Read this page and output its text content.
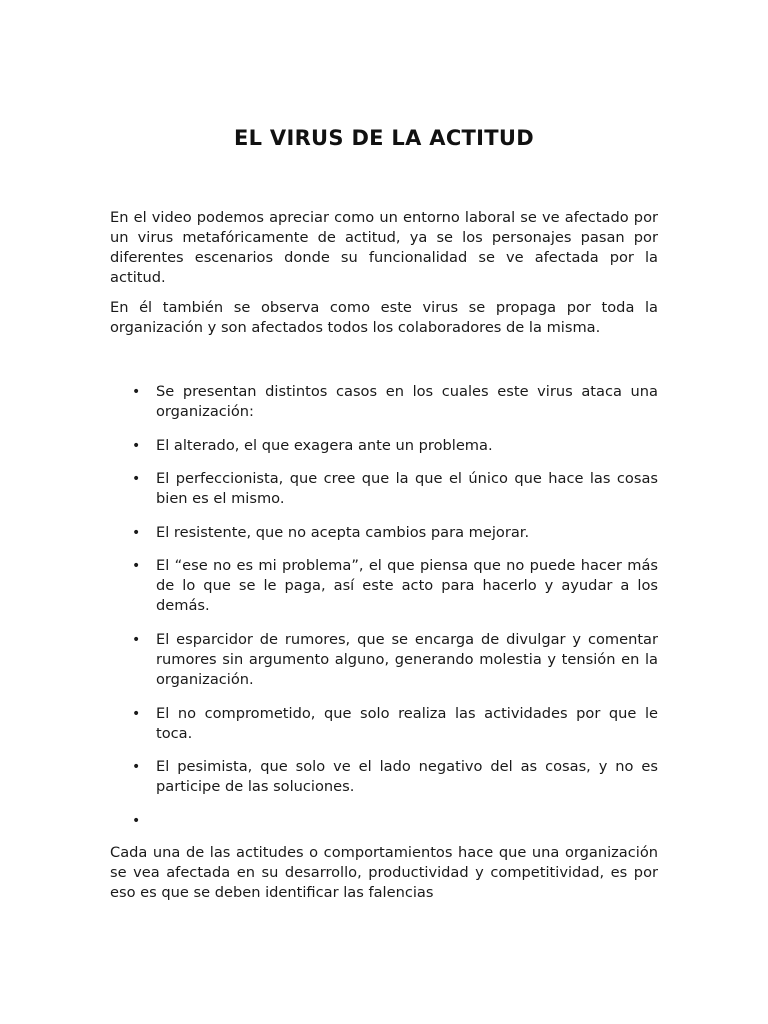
EL VIRUS DE LA ACTITUD

En el video podemos apreciar como un entorno laboral se ve afectado por un virus metafóricamente de actitud, ya se los personajes pasan por diferentes escenarios donde su funcionalidad se ve afectada por la actitud.

En él también se observa como este virus se propaga por toda la organización y son afectados todos los colaboradores de la misma.

• Se presentan distintos casos en los cuales este virus ataca una organización:
• El alterado, el que exagera ante un problema.
• El perfeccionista, que cree que la que el único que hace las cosas bien es el mismo.
• El resistente, que no acepta cambios para mejorar.
• El “ese no es mi problema”, el que piensa que no puede hacer más de lo que se le paga, así este acto para hacerlo y ayudar a los demás.
• El esparcidor de rumores, que se encarga de divulgar y comentar rumores sin argumento alguno, generando molestia y tensión en la organización.
• El no comprometido, que solo realiza las actividades por que le toca.
• El pesimista, que solo ve el lado negativo del as cosas, y no es participe de las soluciones.
•

Cada una de las actitudes o comportamientos hace que una organización se vea afectada en su desarrollo, productividad y competitividad, es por eso es que se deben identificar las falencias
